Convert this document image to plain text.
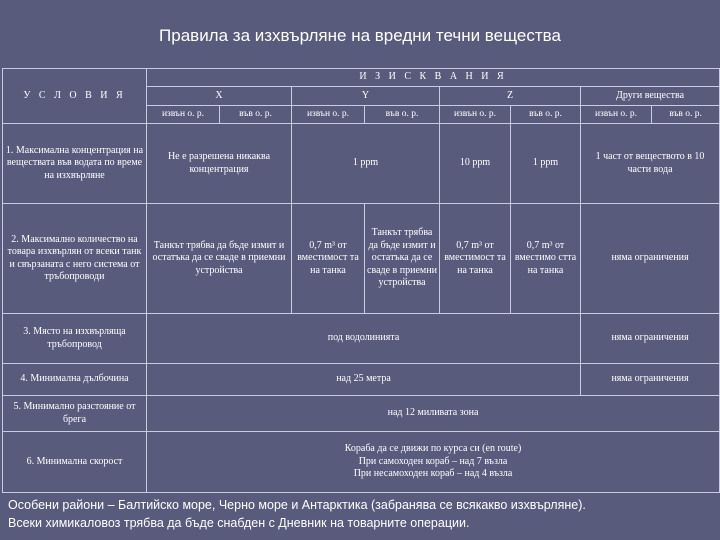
Правила за изхвърляне на вредни течни вещества
У С Л О В И Я	И З И С К В А Н И Я							
	X		Y		Z		Други вещества	
	извън о. р.	във о. р.	извън о. р.	във о. р.	извън о. р.	във о. р.	извън о. р.	във о. р.
1. Максимална концентрация на веществата във водата по време на изхвърляне	Не е разрешена никаква концентрация		1 ppm		10 ppm	1 ppm	1 част от веществото в 10 части вода	
2. Максимално количество на товара изхвърлян от всеки танк и свързаната с него система от тръбопроводи	Танкът трябва да бъде измит и остатъка да се сваде в приемни устройства		0,7 m³ от вместимост та на танка	Танкът трябва да бъде измит и остатъка да се сваде в приемни устройства	0,7 m³ от вместимост та на танка	0,7 m³ от вместимо стта на танка	няма ограничения	
3. Място на изхвърляща тръбопровод	под водолинията						няма ограничения	
4. Минимална дълбочина	над 25 метра						няма ограничения	
5. Минимално разстояние от брега	над 12 миливата зона							
6. Минимална скорост	Кораба да се движи по курса си (en route)
При самоходен кораб – над 7 възла
При несамоходен кораб – над 4 възла							
Особени райони – Балтийско море, Черно море и Антарктика (забранява се всякакво изхвърляне).
Всеки химикаловоз трябва да бъде снабден с Дневник на товарните операции.
